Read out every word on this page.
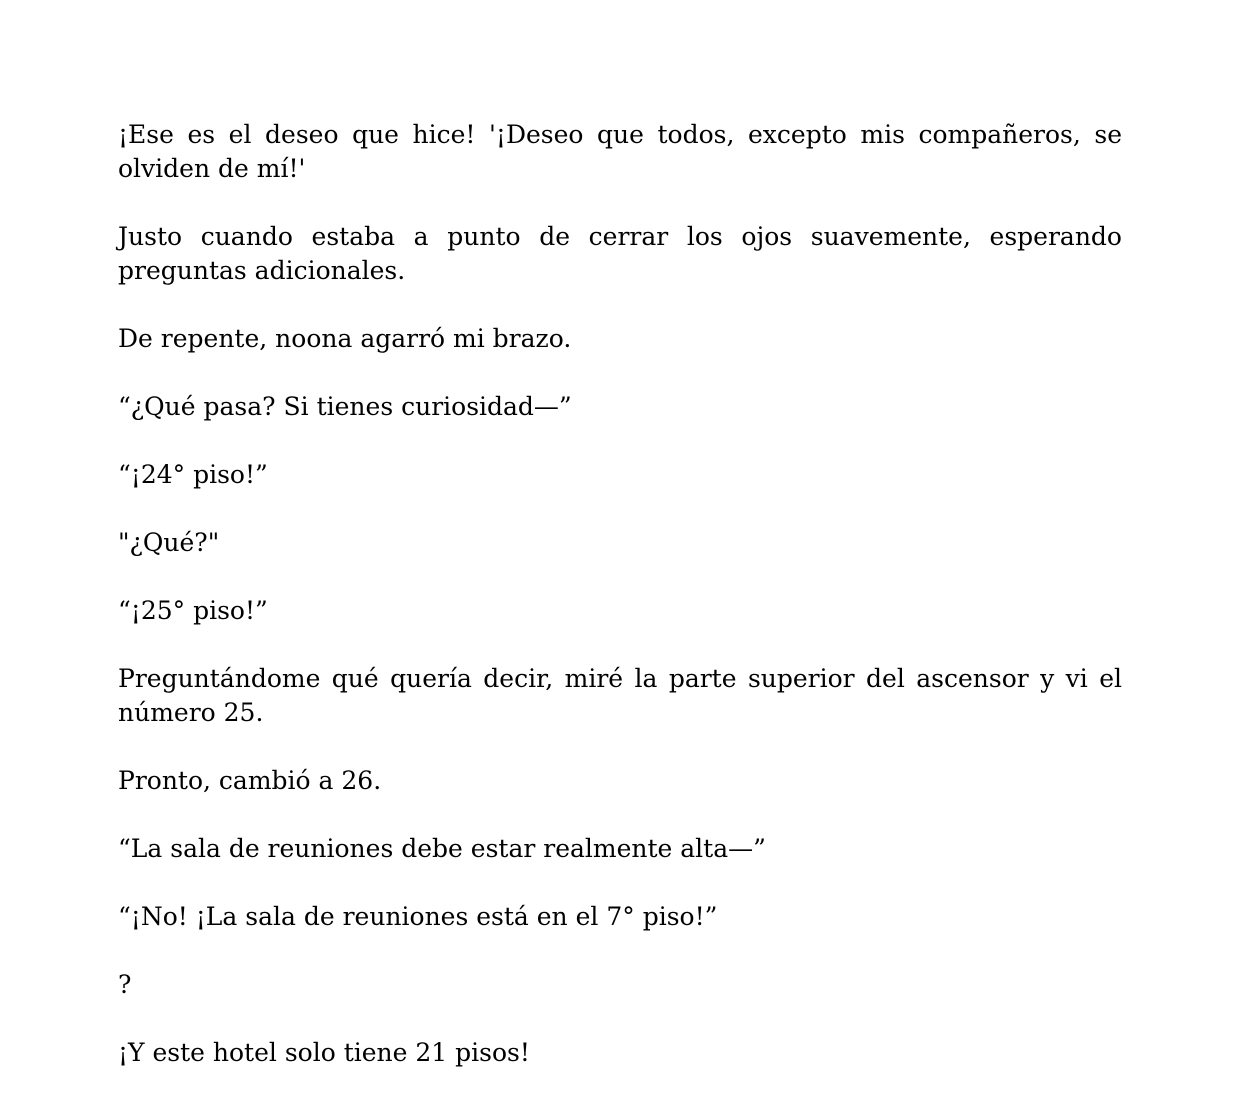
¡Ese es el deseo que hice! '¡Deseo que todos, excepto mis compañeros, se olviden de mí!'

Justo cuando estaba a punto de cerrar los ojos suavemente, esperando preguntas adicionales.

De repente, noona agarró mi brazo.

“¿Qué pasa? Si tienes curiosidad—”

“¡24° piso!”

"¿Qué?"

“¡25° piso!”

Preguntándome qué quería decir, miré la parte superior del ascensor y vi el número 25.

Pronto, cambió a 26.

“La sala de reuniones debe estar realmente alta—”

“¡No! ¡La sala de reuniones está en el 7° piso!”

?

¡Y este hotel solo tiene 21 pisos!
